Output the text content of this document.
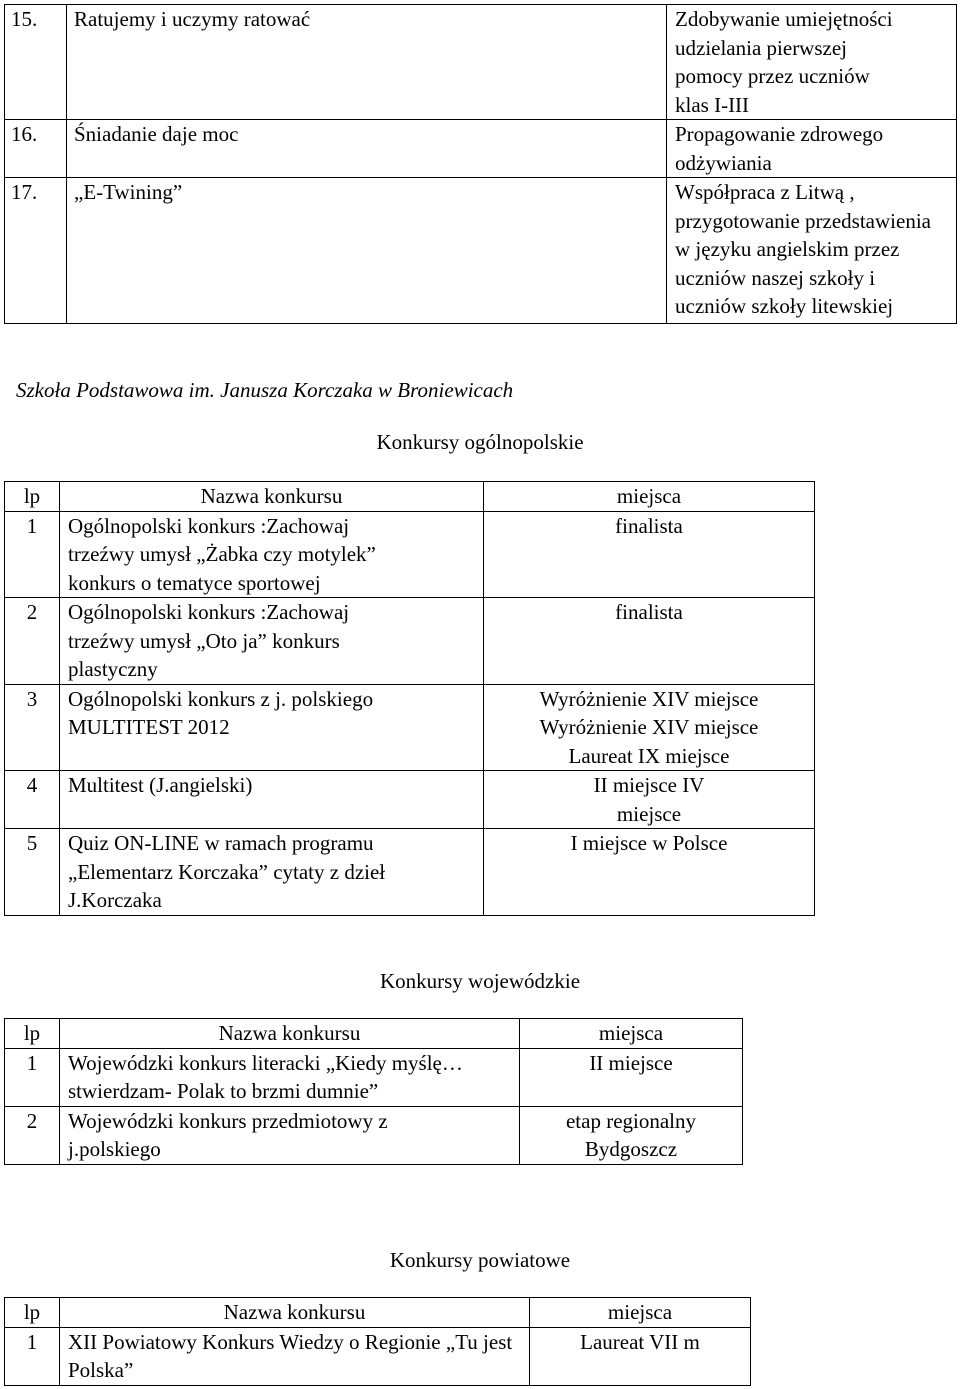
15.	Ratujemy i uczymy ratować	Zdobywanie umiejętności udzielania pierwszej pomocy przez uczniów klas I-III

16.	Śniadanie daje moc	Propagowanie zdrowego odżywiania

17.	„E-Twining”	Współpraca z Litwą , przygotowanie przedstawienia w języku angielskim przez uczniów naszej szkoły i uczniów szkoły litewskiej
Szkoła Podstawowa im. Janusza Korczaka w Broniewicach
Konkursy ogólnopolskie
lp	Nazwa konkursu	miejsca
1	Ogólnopolski konkurs :Zachowaj trzeźwy umysł „Żabka czy motylek” konkurs o tematyce sportowej	finalista
2	Ogólnopolski konkurs :Zachowaj trzeźwy umysł „Oto ja” konkurs plastyczny	finalista
3	Ogólnopolski konkurs z j. polskiego MULTITEST 2012	Wyróżnienie XIV miejsce Wyróżnienie XIV miejsce Laureat IX miejsce

4	Multitest (J.angielski)	II miejsce IV miejsce

5	Quiz ON-LINE w ramach programu „Elementarz Korczaka” cytaty z dzieł J.Korczaka	I miejsce w Polsce
Konkursy wojewódzkie
lp	Nazwa konkursu	miejsca
1	Wojewódzki konkurs literacki „Kiedy myślę… stwierdzam- Polak to brzmi dumnie”	II miejsce
2	Wojewódzki konkurs przedmiotowy z j.polskiego	etap regionalny Bydgoszcz
Konkursy powiatowe
lp	Nazwa konkursu	miejsca
1	XII Powiatowy Konkurs Wiedzy o Regionie „Tu jest Polska”	Laureat VII m
